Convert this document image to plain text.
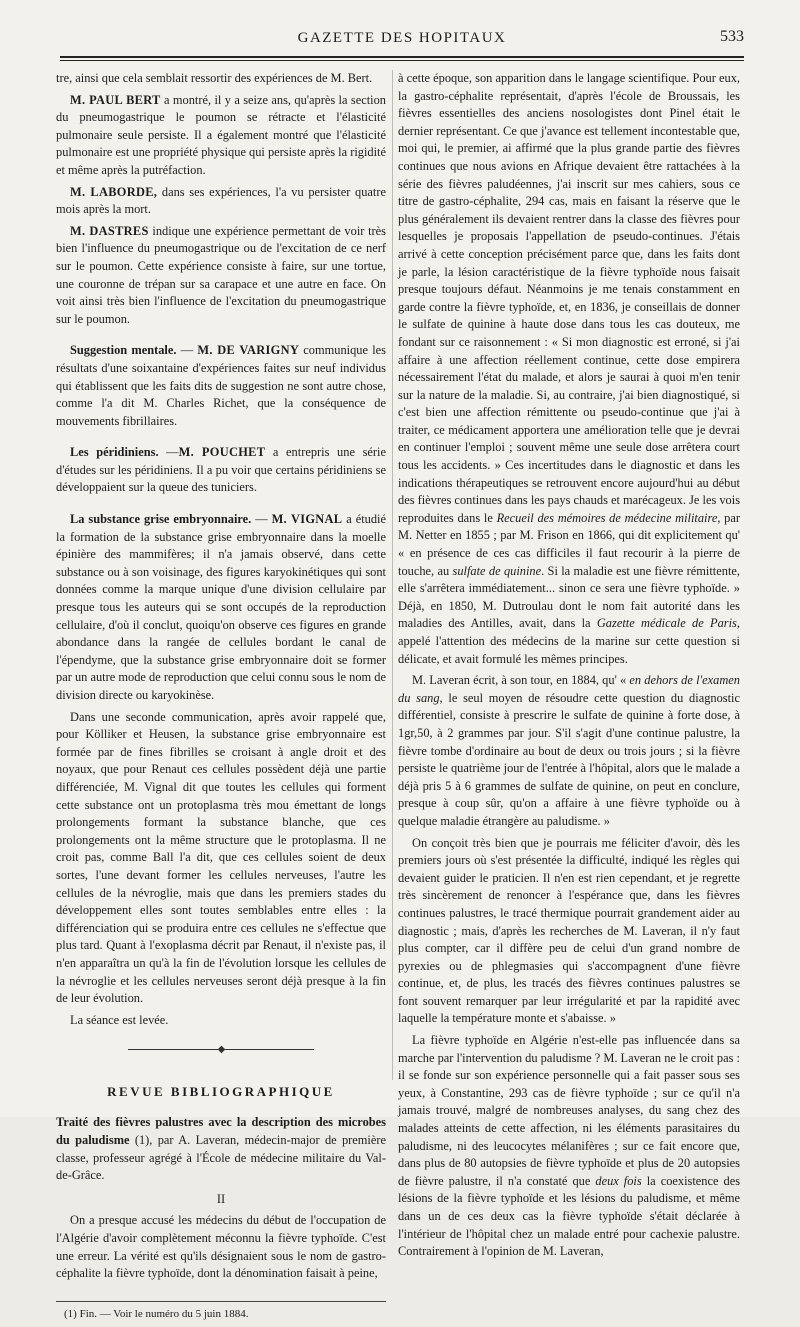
GAZETTE DES HOPITAUX	533

tre, ainsi que cela semblait ressortir des expériences de M. Bert.

M. PAUL BERT a montré, il y a seize ans, qu'après la section du pneumogastrique le poumon se rétracte et l'élasticité pulmonaire seule persiste. Il a également montré que l'élasticité pulmonaire est une propriété physique qui persiste après la rigidité et même après la putréfaction.

M. LABORDE, dans ses expériences, l'a vu persister quatre mois après la mort.

M. DASTRES indique une expérience permettant de voir très bien l'influence du pneumogastrique ou de l'excitation de ce nerf sur le poumon. Cette expérience consiste à faire, sur une tortue, une couronne de trépan sur sa carapace et une autre en face. On voit ainsi très bien l'influence de l'excitation du pneumogastrique sur le poumon.

Suggestion mentale. — M. DE VARIGNY communique les résultats d'une soixantaine d'expériences faites sur neuf individus qui établissent que les faits dits de suggestion ne sont autre chose, comme l'a dit M. Charles Richet, que la conséquence de mouvements fibrillaires.

Les péridiniens. —M. POUCHET a entrepris une série d'études sur les péridiniens. Il a pu voir que certains péridiniens se développaient sur la queue des tuniciers.

La substance grise embryonnaire. — M. VIGNAL a étudié la formation de la substance grise embryonnaire dans la moelle épinière des mammifères; il n'a jamais observé, dans cette substance ou à son voisinage, des figures karyokinétiques qui sont données comme la marque unique d'une division cellulaire par presque tous les auteurs qui se sont occupés de la reproduction cellulaire, d'où il conclut, quoiqu'on observe ces figures en grande abondance dans la rangée de cellules bordant le canal de l'épendyme, que la substance grise embryonnaire doit se former par un autre mode de reproduction que celui connu sous le nom de division directe ou karyokinèse.

Dans une seconde communication, après avoir rappelé que, pour Kölliker et Heusen, la substance grise embryonnaire est formée par de fines fibrilles se croisant à angle droit et des noyaux, que pour Renaut ces cellules possèdent déjà une partie différenciée, M. Vignal dit que toutes les cellules qui forment cette substance ont un protoplasma très mou émettant de longs prolongements formant la substance blanche, que ces prolongements ont la même structure que le protoplasma. Il ne croit pas, comme Ball l'a dit, que ces cellules soient de deux sortes, l'une devant former les cellules nerveuses, l'autre les cellules de la névroglie, mais que dans les premiers stades du développement elles sont toutes semblables entre elles : la différenciation qui se produira entre ces cellules ne s'effectue que plus tard. Quant à l'exoplasma décrit par Renaut, il n'existe pas, il n'en apparaîtra un qu'à la fin de l'évolution lorsque les cellules de la névroglie et les cellules nerveuses seront déjà presque à la fin de leur évolution.

La séance est levée.

◆
REVUE BIBLIOGRAPHIQUE

Traité des fièvres palustres avec la description des microbes du paludisme (1), par A. Laveran, médecin-major de première classe, professeur agrégé à l'École de médecine militaire du Val-de-Grâce.

II

On a presque accusé les médecins du début de l'occupation de l'Algérie d'avoir complètement méconnu la fièvre typhoïde. C'est une erreur. La vérité est qu'ils désignaient sous le nom de gastro-céphalite la fièvre typhoïde, dont la dénomination faisait à peine,

(1) Fin. — Voir le numéro du 5 juin 1884.

à cette époque, son apparition dans le langage scientifique. Pour eux, la gastro-céphalite représentait, d'après l'école de Broussais, les fièvres essentielles des anciens nosologistes dont Pinel était le dernier représentant. Ce que j'avance est tellement incontestable que, moi qui, le premier, ai affirmé que la plus grande partie des fièvres continues que nous avions en Afrique devaient être rattachées à la série des fièvres paludéennes, j'ai inscrit sur mes cahiers, sous ce titre de gastro-céphalite, 294 cas, mais en faisant la réserve que le plus généralement ils devaient rentrer dans la classe des fièvres pour lesquelles je proposais l'appellation de pseudo-continues. J'étais arrivé à cette conception précisément parce que, dans les faits dont je parle, la lésion caractéristique de la fièvre typhoïde nous faisait presque toujours défaut. Néanmoins je me tenais constamment en garde contre la fièvre typhoïde, et, en 1836, je conseillais de donner le sulfate de quinine à haute dose dans tous les cas douteux, me fondant sur ce raisonnement : « Si mon diagnostic est erroné, si j'ai affaire à une affection réellement continue, cette dose empirera nécessairement l'état du malade, et alors je saurai à quoi m'en tenir sur la nature de la maladie. Si, au contraire, j'ai bien diagnostiqué, si c'est bien une affection rémittente ou pseudo-continue que j'ai à traiter, ce médicament apportera une amélioration telle que je devrai en continuer l'emploi ; souvent même une seule dose arrêtera court tous les accidents. » Ces incertitudes dans le diagnostic et dans les indications thérapeutiques se retrouvent encore aujourd'hui au début des fièvres continues dans les pays chauds et marécageux. Je les vois reproduites dans le Recueil des mémoires de médecine militaire, par M. Netter en 1855 ; par M. Frison en 1866, qui dit explicitement qu' « en présence de ces cas difficiles il faut recourir à la pierre de touche, au sulfate de quinine. Si la maladie est une fièvre rémittente, elle s'arrêtera immédiatement... sinon ce sera une fièvre typhoïde. » Déjà, en 1850, M. Dutroulau dont le nom fait autorité dans les maladies des Antilles, avait, dans la Gazette médicale de Paris, appelé l'attention des médecins de la marine sur cette question si délicate, et avait formulé les mêmes principes.

M. Laveran écrit, à son tour, en 1884, qu' « en dehors de l'examen du sang, le seul moyen de résoudre cette question du diagnostic différentiel, consiste à prescrire le sulfate de quinine à forte dose, à 1gr,50, à 2 grammes par jour. S'il s'agit d'une continue palustre, la fièvre tombe d'ordinaire au bout de deux ou trois jours ; si la fièvre persiste le quatrième jour de l'entrée à l'hôpital, alors que le malade a déjà pris 5 à 6 grammes de sulfate de quinine, on peut en conclure, presque à coup sûr, qu'on a affaire à une fièvre typhoïde ou à quelque maladie étrangère au paludisme. »

On conçoit très bien que je pourrais me féliciter d'avoir, dès les premiers jours où s'est présentée la difficulté, indiqué les règles qui devaient guider le praticien. Il n'en est rien cependant, et je regrette très sincèrement de renoncer à l'espérance que, dans les fièvres continues palustres, le tracé thermique pourrait grandement aider au diagnostic ; mais, d'après les recherches de M. Laveran, il n'y faut plus compter, car il diffère peu de celui d'un grand nombre de pyrexies ou de phlegmasies qui s'accompagnent d'une fièvre continue, et, de plus, les tracés des fièvres continues palustres se font souvent remarquer par leur irrégularité et par la rapidité avec laquelle la température monte et s'abaisse. »

La fièvre typhoïde en Algérie n'est-elle pas influencée dans sa marche par l'intervention du paludisme ? M. Laveran ne le croit pas : il se fonde sur son expérience personnelle qui a fait passer sous ses yeux, à Constantine, 293 cas de fièvre typhoïde ; sur ce qu'il n'a jamais trouvé, malgré de nombreuses analyses, du sang chez des malades atteints de cette affection, ni les éléments parasitaires du paludisme, ni des leucocytes mélanifères ; sur ce fait encore que, dans plus de 80 autopsies de fièvre typhoïde et plus de 20 autopsies de fièvre palustre, il n'a constaté que deux fois la coexistence des lésions de la fièvre typhoïde et les lésions du paludisme, et même dans un de ces deux cas la fièvre typhoïde s'était déclarée à l'intérieur de l'hôpital chez un malade entré pour cachexie palustre. Contrairement à l'opinion de M. Laveran,
